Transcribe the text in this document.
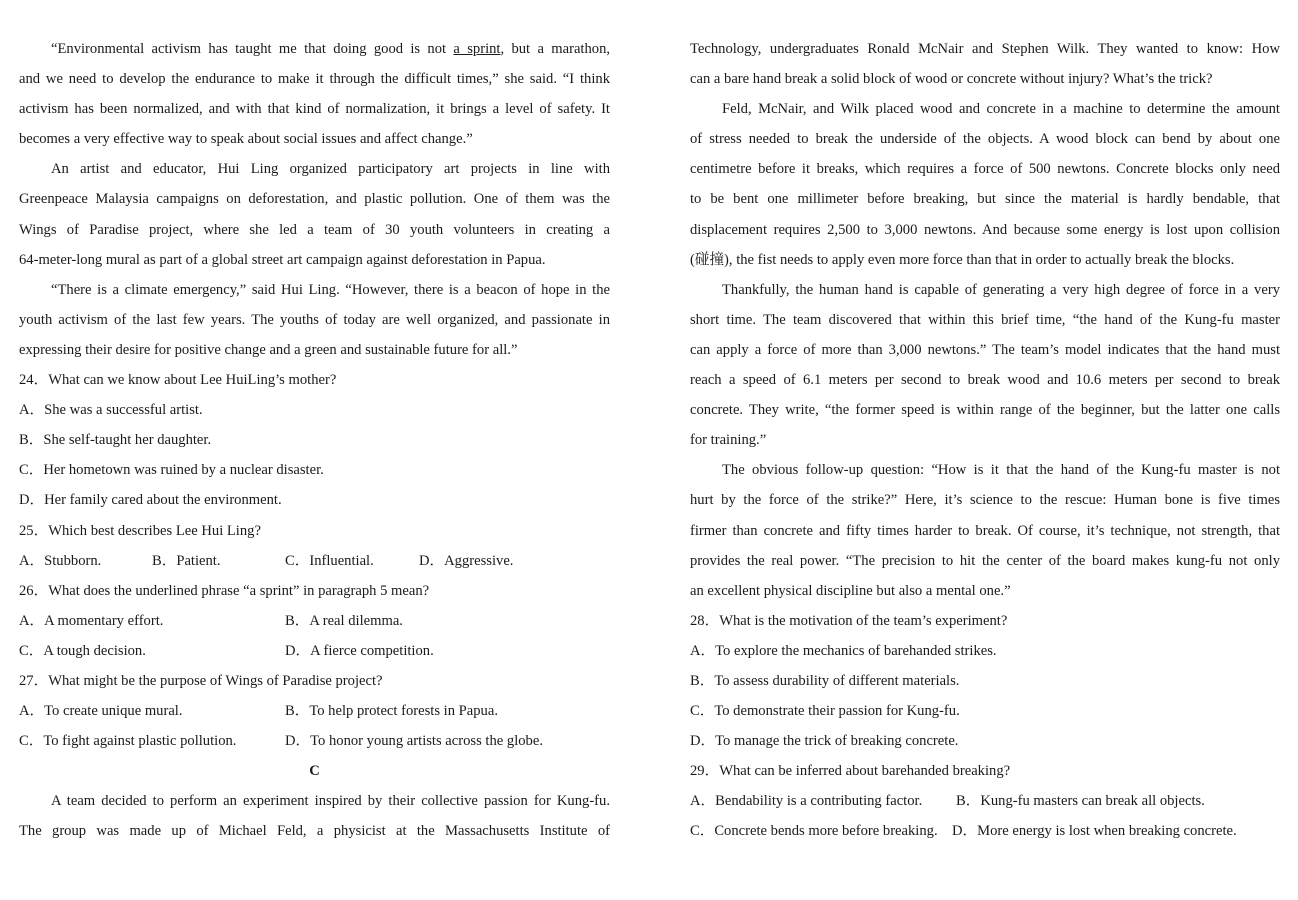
“Environmental activism has taught me that doing good is not a sprint, but a marathon,
and we need to develop the endurance to make it through the difficult times,” she said. “I think
activism has been normalized, and with that kind of normalization, it brings a level of safety. It
becomes a very effective way to speak about social issues and affect change.”
An artist and educator, Hui Ling organized participatory art projects in line with
Greenpeace Malaysia campaigns on deforestation, and plastic pollution. One of them was the
Wings of Paradise project, where she led a team of 30 youth volunteers in creating a
64-meter-long mural as part of a global street art campaign against deforestation in Papua.
“There is a climate emergency,” said Hui Ling. “However, there is a beacon of hope in the
youth activism of the last few years. The youths of today are well organized, and passionate in
expressing their desire for positive change and a green and sustainable future for all.”
24．What can we know about Lee HuiLing’s mother?
A．She was a successful artist.
B．She self-taught her daughter.
C．Her hometown was ruined by a nuclear disaster.
D．Her family cared about the environment.
25．Which best describes Lee Hui Ling?
A．Stubborn.	B．Patient.	C．Influential.	D．Aggressive.
26．What does the underlined phrase “a sprint” in paragraph 5 mean?
A．A momentary effort.	B．A real dilemma.
C．A tough decision.	D．A fierce competition.
27．What might be the purpose of Wings of Paradise project?
A．To create unique mural.	B．To help protect forests in Papua.
C．To fight against plastic pollution.	D．To honor young artists across the globe.
C
A team decided to perform an experiment inspired by their collective passion for Kung-fu.
The group was made up of Michael Feld, a physicist at the Massachusetts Institute of
Technology, undergraduates Ronald McNair and Stephen Wilk. They wanted to know: How
can a bare hand break a solid block of wood or concrete without injury? What’s the trick?
Feld, McNair, and Wilk placed wood and concrete in a machine to determine the amount
of stress needed to break the underside of the objects. A wood block can bend by about one
centimetre before it breaks, which requires a force of 500 newtons. Concrete blocks only need
to be bent one millimeter before breaking, but since the material is hardly bendable, that
displacement requires 2,500 to 3,000 newtons. And because some energy is lost upon collision
(碰撞), the fist needs to apply even more force than that in order to actually break the blocks.
Thankfully, the human hand is capable of generating a very high degree of force in a very
short time. The team discovered that within this brief time, “the hand of the Kung-fu master
can apply a force of more than 3,000 newtons.” The team’s model indicates that the hand must
reach a speed of 6.1 meters per second to break wood and 10.6 meters per second to break
concrete. They write, “the former speed is within range of the beginner, but the latter one calls
for training.”
The obvious follow-up question: “How is it that the hand of the Kung-fu master is not
hurt by the force of the strike?” Here, it’s science to the rescue: Human bone is five times
firmer than concrete and fifty times harder to break. Of course, it’s technique, not strength, that
provides the real power. “The precision to hit the center of the board makes kung-fu not only
an excellent physical discipline but also a mental one.”
28．What is the motivation of the team’s experiment?
A．To explore the mechanics of barehanded strikes.
B．To assess durability of different materials.
C．To demonstrate their passion for Kung-fu.
D．To manage the trick of breaking concrete.
29．What can be inferred about barehanded breaking?
A．Bendability is a contributing factor. B．Kung-fu masters can break all objects.
C．Concrete bends more before breaking. D．More energy is lost when breaking concrete.
